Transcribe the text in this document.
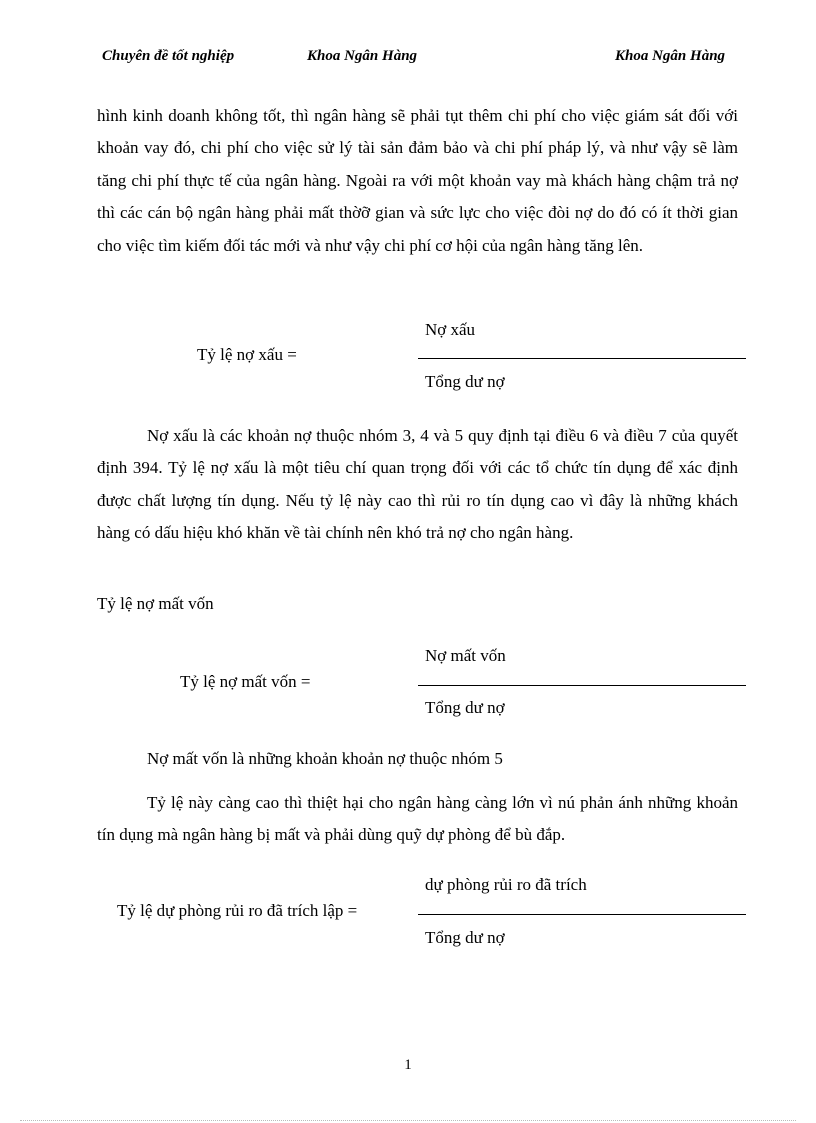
Chuyên đề tốt nghiệp	Khoa Ngân Hàng	Khoa Ngân Hàng

hình kinh doanh không tốt, thì ngân hàng sẽ phải tụt thêm chi phí cho việc giám sát đối với khoản vay đó, chi phí cho việc sử lý tài sản đảm bảo và chi phí pháp lý, và như vậy sẽ làm tăng chi phí thực tế của ngân hàng. Ngoài ra với một khoản vay mà khách hàng chậm trả nợ thì các cán bộ ngân hàng phải mất thờỡ gian và sức lực cho việc đòi nợ do đó có ít thời gian cho việc tìm kiếm đối tác mới và như vậy chi phí cơ hội của ngân hàng tăng lên.

Tỷ lệ nợ xấu =
Nợ xấu
Tổng dư nợ

Nợ xấu là các khoản nợ thuộc nhóm 3, 4 và 5 quy định tại điều 6 và điều 7 của quyết định 394. Tỷ lệ nợ xấu là một tiêu chí quan trọng đối với các tổ chức tín dụng để xác định được chất lượng tín dụng. Nếu tỷ lệ này cao thì rủi ro tín dụng cao vì đây là những khách hàng có dấu hiệu khó khăn về tài chính nên khó trả nợ cho ngân hàng.

Tỷ lệ nợ mất vốn
Tỷ lệ nợ mất vốn =
Nợ mất vốn
Tổng dư nợ
Nợ mất vốn là những khoản khoản nợ thuộc nhóm 5

Tỷ lệ này càng cao thì thiệt hại cho ngân hàng càng lớn vì nú phản ánh những khoản tín dụng mà ngân hàng bị mất và phải dùng quỹ dự phòng để bù đắp.

Tỷ lệ dự phòng rủi ro đã trích lập =
dự phòng rủi ro đã trích
Tổng dư nợ
1
